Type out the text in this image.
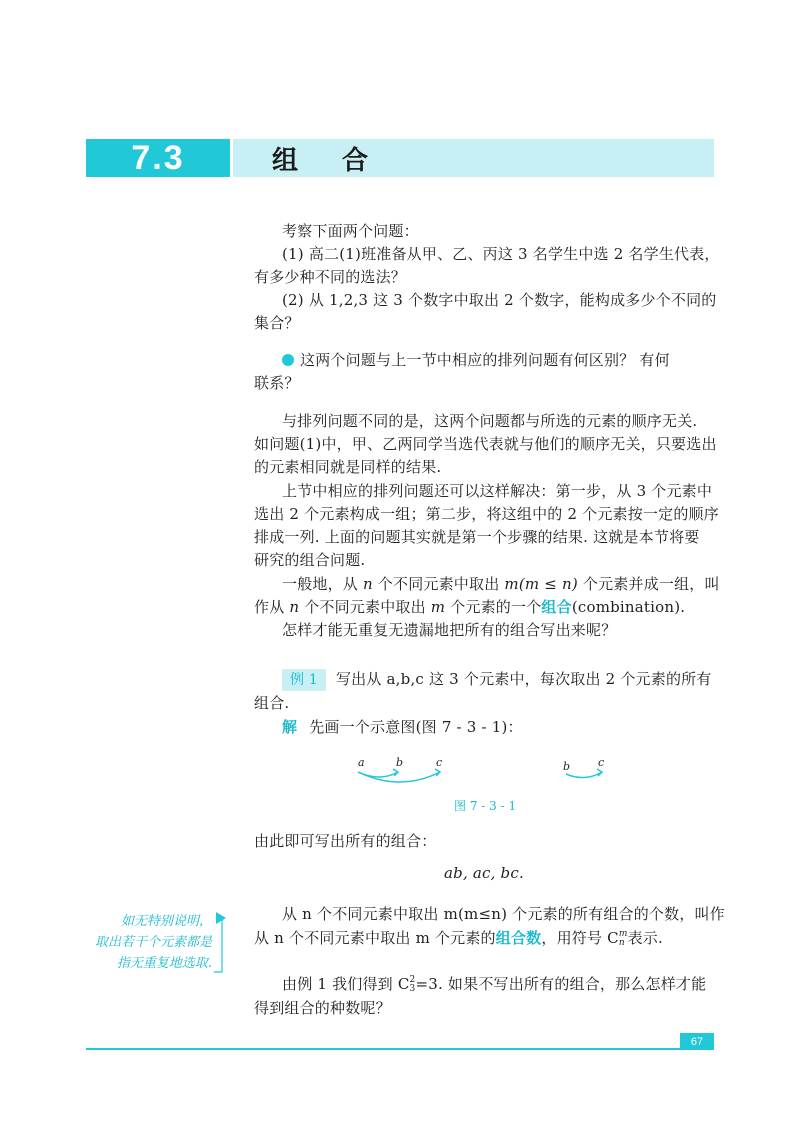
7.3	组合
考察下面两个问题：
(1) 高二(1)班准备从甲、乙、丙这 3 名学生中选 2 名学生代表，
有多少种不同的选法？
(2) 从 1,2,3 这 3 个数字中取出 2 个数字，能构成多少个不同的
集合？
这两个问题与上一节中相应的排列问题有何区别？ 有何
联系？
与排列问题不同的是，这两个问题都与所选的元素的顺序无关.
如问题(1)中，甲、乙两同学当选代表就与他们的顺序无关，只要选出
的元素相同就是同样的结果.
上节中相应的排列问题还可以这样解决：第一步，从 3 个元素中
选出 2 个元素构成一组；第二步，将这组中的 2 个元素按一定的顺序
排成一列. 上面的问题其实就是第一个步骤的结果. 这就是本节将要
研究的组合问题.
一般地，从 n 个不同元素中取出 m(m ≤ n) 个元素并成一组，叫
作从 n 个不同元素中取出 m 个元素的一个组合(combination).
怎样才能无重复无遗漏地把所有的组合写出来呢？
例 1 写出从 a,b,c 这 3 个元素中，每次取出 2 个元素的所有
组合.
解 先画一个示意图(图 7 - 3 - 1)：
a	b	c	b	c
图 7 - 3 - 1
由此即可写出所有的组合：
ab, ac, bc.
如无特别说明，
取出若干个元素都是
指无重复地选取.
从 n 个不同元素中取出 m(m≤n) 个元素的所有组合的个数，叫作
从 n 个不同元素中取出 m 个元素的组合数，用符号 C m
n 表示.
由例 1 我们得到 C 2
3 =3. 如果不写出所有的组合，那么怎样才能
得到组合的种数呢？
67
